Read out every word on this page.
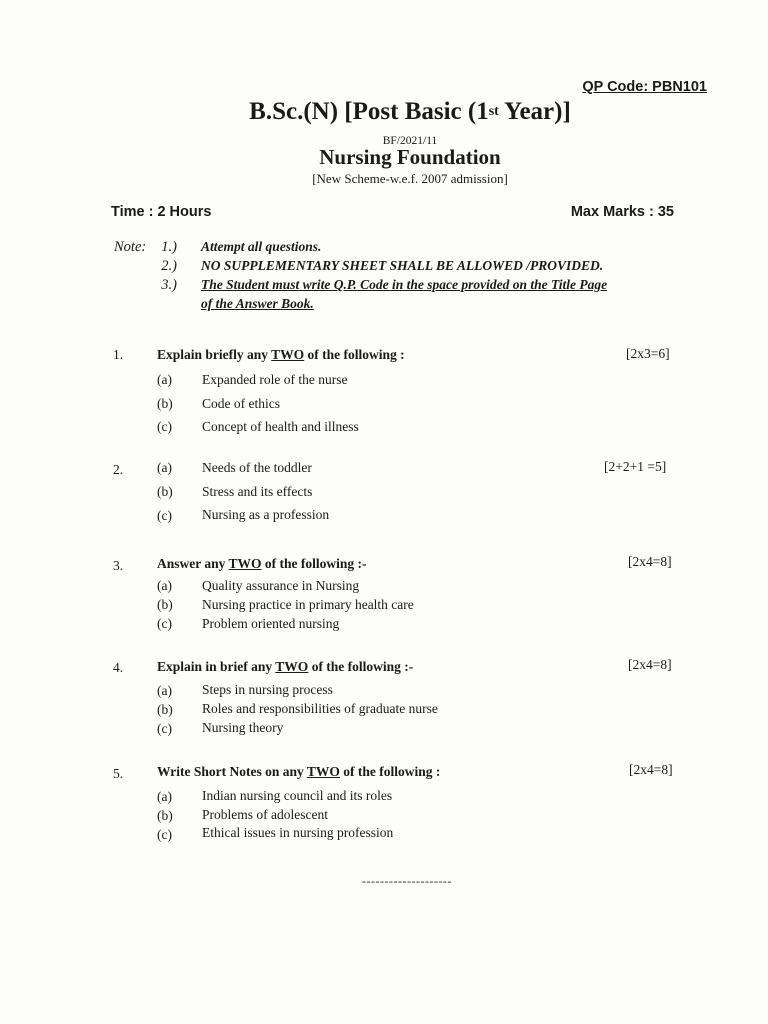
QP Code: PBN101
B.Sc.(N) [Post Basic (1st Year)]
BF/2021/11
Nursing Foundation
[New Scheme-w.e.f. 2007 admission]
Time : 2 Hours	Max Marks : 35
Note: 1.) Attempt all questions.
2.) NO SUPPLEMENTARY SHEET SHALL BE ALLOWED /PROVIDED.
3.) The Student must write Q.P. Code in the space provided on the Title Page
of the Answer Book.
1.	Explain briefly any TWO of the following :	[2x3=6]
(a) Expanded role of the nurse
(b) Code of ethics
(c) Concept of health and illness
2.	[2+2+1 =5]
(a) Needs of the toddler
(b) Stress and its effects
(c) Nursing as a profession
3.	Answer any TWO of the following :-	[2x4=8]
(a) Quality assurance in Nursing
(b) Nursing practice in primary health care
(c) Problem oriented nursing
4.	Explain in brief any TWO of the following :-	[2x4=8]
(a) Steps in nursing process
(b) Roles and responsibilities of graduate nurse
(c) Nursing theory
5.	Write Short Notes on any TWO of the following :	[2x4=8]
(a) Indian nursing council and its roles
(b) Problems of adolescent
(c) Ethical issues in nursing profession
--------------------
